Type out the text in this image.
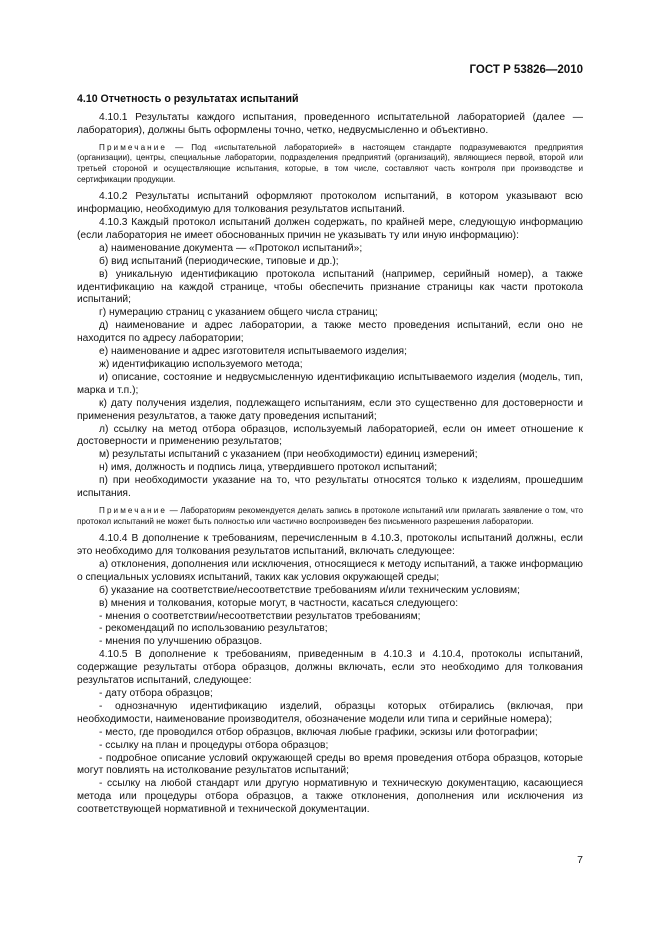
ГОСТ Р 53826—2010
4.10 Отчетность о результатах испытаний

4.10.1 Результаты каждого испытания, проведенного испытательной лабораторией (далее — лаборатория), должны быть оформлены точно, четко, недвусмысленно и объективно.

Примечание — Под «испытательной лабораторией» в настоящем стандарте подразумеваются предприятия (организации), центры, специальные лаборатории, подразделения предприятий (организаций), являющиеся первой, второй или третьей стороной и осуществляющие испытания, которые, в том числе, составляют часть контроля при производстве и сертификации продукции.

4.10.2 Результаты испытаний оформляют протоколом испытаний, в котором указывают всю информацию, необходимую для толкования результатов испытаний.

4.10.3 Каждый протокол испытаний должен содержать, по крайней мере, следующую информацию (если лаборатория не имеет обоснованных причин не указывать ту или иную информацию):

а) наименование документа — «Протокол испытаний»;

б) вид испытаний (периодические, типовые и др.);

в) уникальную идентификацию протокола испытаний (например, серийный номер), а также идентификацию на каждой странице, чтобы обеспечить признание страницы как части протокола испытаний;

г) нумерацию страниц с указанием общего числа страниц;

д) наименование и адрес лаборатории, а также место проведения испытаний, если оно не находится по адресу лаборатории;

е) наименование и адрес изготовителя испытываемого изделия;

ж) идентификацию используемого метода;

и) описание, состояние и недвусмысленную идентификацию испытываемого изделия (модель, тип, марка и т.п.);

к) дату получения изделия, подлежащего испытаниям, если это существенно для достоверности и применения результатов, а также дату проведения испытаний;

л) ссылку на метод отбора образцов, используемый лабораторией, если он имеет отношение к достоверности и применению результатов;

м) результаты испытаний с указанием (при необходимости) единиц измерений;

н) имя, должность и подпись лица, утвердившего протокол испытаний;

п) при необходимости указание на то, что результаты относятся только к изделиям, прошедшим испытания.

Примечание — Лабораториям рекомендуется делать запись в протоколе испытаний или прилагать заявление о том, что протокол испытаний не может быть полностью или частично воспроизведен без письменного разрешения лаборатории.

4.10.4 В дополнение к требованиям, перечисленным в 4.10.3, протоколы испытаний должны, если это необходимо для толкования результатов испытаний, включать следующее:

а) отклонения, дополнения или исключения, относящиеся к методу испытаний, а также информацию о специальных условиях испытаний, таких как условия окружающей среды;

б) указание на соответствие/несоответствие требованиям и/или техническим условиям;

в) мнения и толкования, которые могут, в частности, касаться следующего:

- мнения о соответствии/несоответствии результатов требованиям;

- рекомендаций по использованию результатов;

- мнения по улучшению образцов.

4.10.5 В дополнение к требованиям, приведенным в 4.10.3 и 4.10.4, протоколы испытаний, содержащие результаты отбора образцов, должны включать, если это необходимо для толкования результатов испытаний, следующее:

- дату отбора образцов;

- однозначную идентификацию изделий, образцы которых отбирались (включая, при необходимости, наименование производителя, обозначение модели или типа и серийные номера);

- место, где проводился отбор образцов, включая любые графики, эскизы или фотографии;

- ссылку на план и процедуры отбора образцов;

- подробное описание условий окружающей среды во время проведения отбора образцов, которые могут повлиять на истолкование результатов испытаний;

- ссылку на любой стандарт или другую нормативную и техническую документацию, касающиеся метода или процедуры отбора образцов, а также отклонения, дополнения или исключения из соответствующей нормативной и технической документации.

7
